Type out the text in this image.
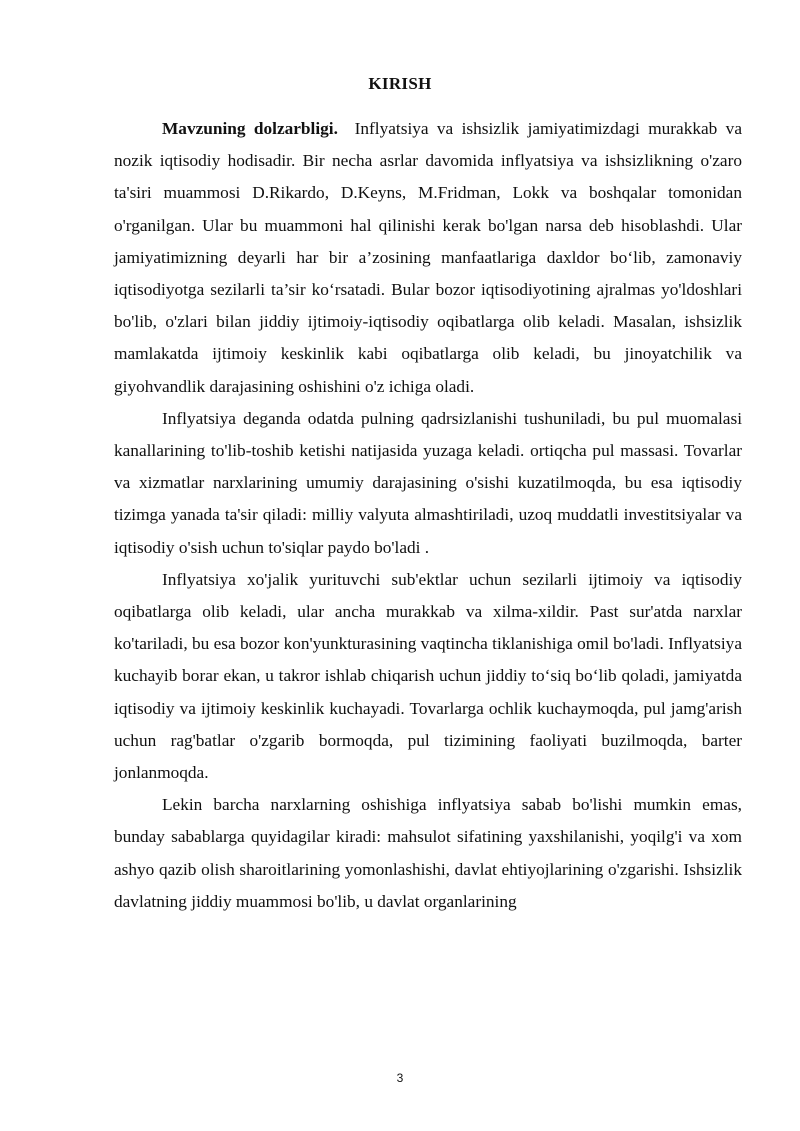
KIRISH

Mavzuning dolzarbligi. Inflyatsiya va ishsizlik jamiyatimizdagi murakkab va nozik iqtisodiy hodisadir. Bir necha asrlar davomida inflyatsiya va ishsizlikning o'zaro ta'siri muammosi D.Rikardo, D.Keyns, M.Fridman, Lokk va boshqalar tomonidan o'rganilgan. Ular bu muammoni hal qilinishi kerak bo'lgan narsa deb hisoblashdi. Ular jamiyatimizning deyarli har bir a’zosining manfaatlariga daxldor bo‘lib, zamonaviy iqtisodiyotga sezilarli ta’sir ko‘rsatadi. Bular bozor iqtisodiyotining ajralmas yo'ldoshlari bo'lib, o'zlari bilan jiddiy ijtimoiy-iqtisodiy oqibatlarga olib keladi. Masalan, ishsizlik mamlakatda ijtimoiy keskinlik kabi oqibatlarga olib keladi, bu jinoyatchilik va giyohvandlik darajasining oshishini o'z ichiga oladi.

Inflyatsiya deganda odatda pulning qadrsizlanishi tushuniladi, bu pul muomalasi kanallarining to'lib-toshib ketishi natijasida yuzaga keladi. ortiqcha pul massasi. Tovarlar va xizmatlar narxlarining umumiy darajasining o'sishi kuzatilmoqda, bu esa iqtisodiy tizimga yanada ta'sir qiladi: milliy valyuta almashtiriladi, uzoq muddatli investitsiyalar va iqtisodiy o'sish uchun to'siqlar paydo bo'ladi .

Inflyatsiya xo'jalik yurituvchi sub'ektlar uchun sezilarli ijtimoiy va iqtisodiy oqibatlarga olib keladi, ular ancha murakkab va xilma-xildir. Past sur'atda narxlar ko'tariladi, bu esa bozor kon'yunkturasining vaqtincha tiklanishiga omil bo'ladi. Inflyatsiya kuchayib borar ekan, u takror ishlab chiqarish uchun jiddiy to‘siq bo‘lib qoladi, jamiyatda iqtisodiy va ijtimoiy keskinlik kuchayadi. Tovarlarga ochlik kuchaymoqda, pul jamg'arish uchun rag'batlar o'zgarib bormoqda, pul tizimining faoliyati buzilmoqda, barter jonlanmoqda.

Lekin barcha narxlarning oshishiga inflyatsiya sabab bo'lishi mumkin emas, bunday sabablarga quyidagilar kiradi: mahsulot sifatining yaxshilanishi, yoqilg'i va xom ashyo qazib olish sharoitlarining yomonlashishi, davlat ehtiyojlarining o'zgarishi. Ishsizlik davlatning jiddiy muammosi bo'lib, u davlat organlarining

3
